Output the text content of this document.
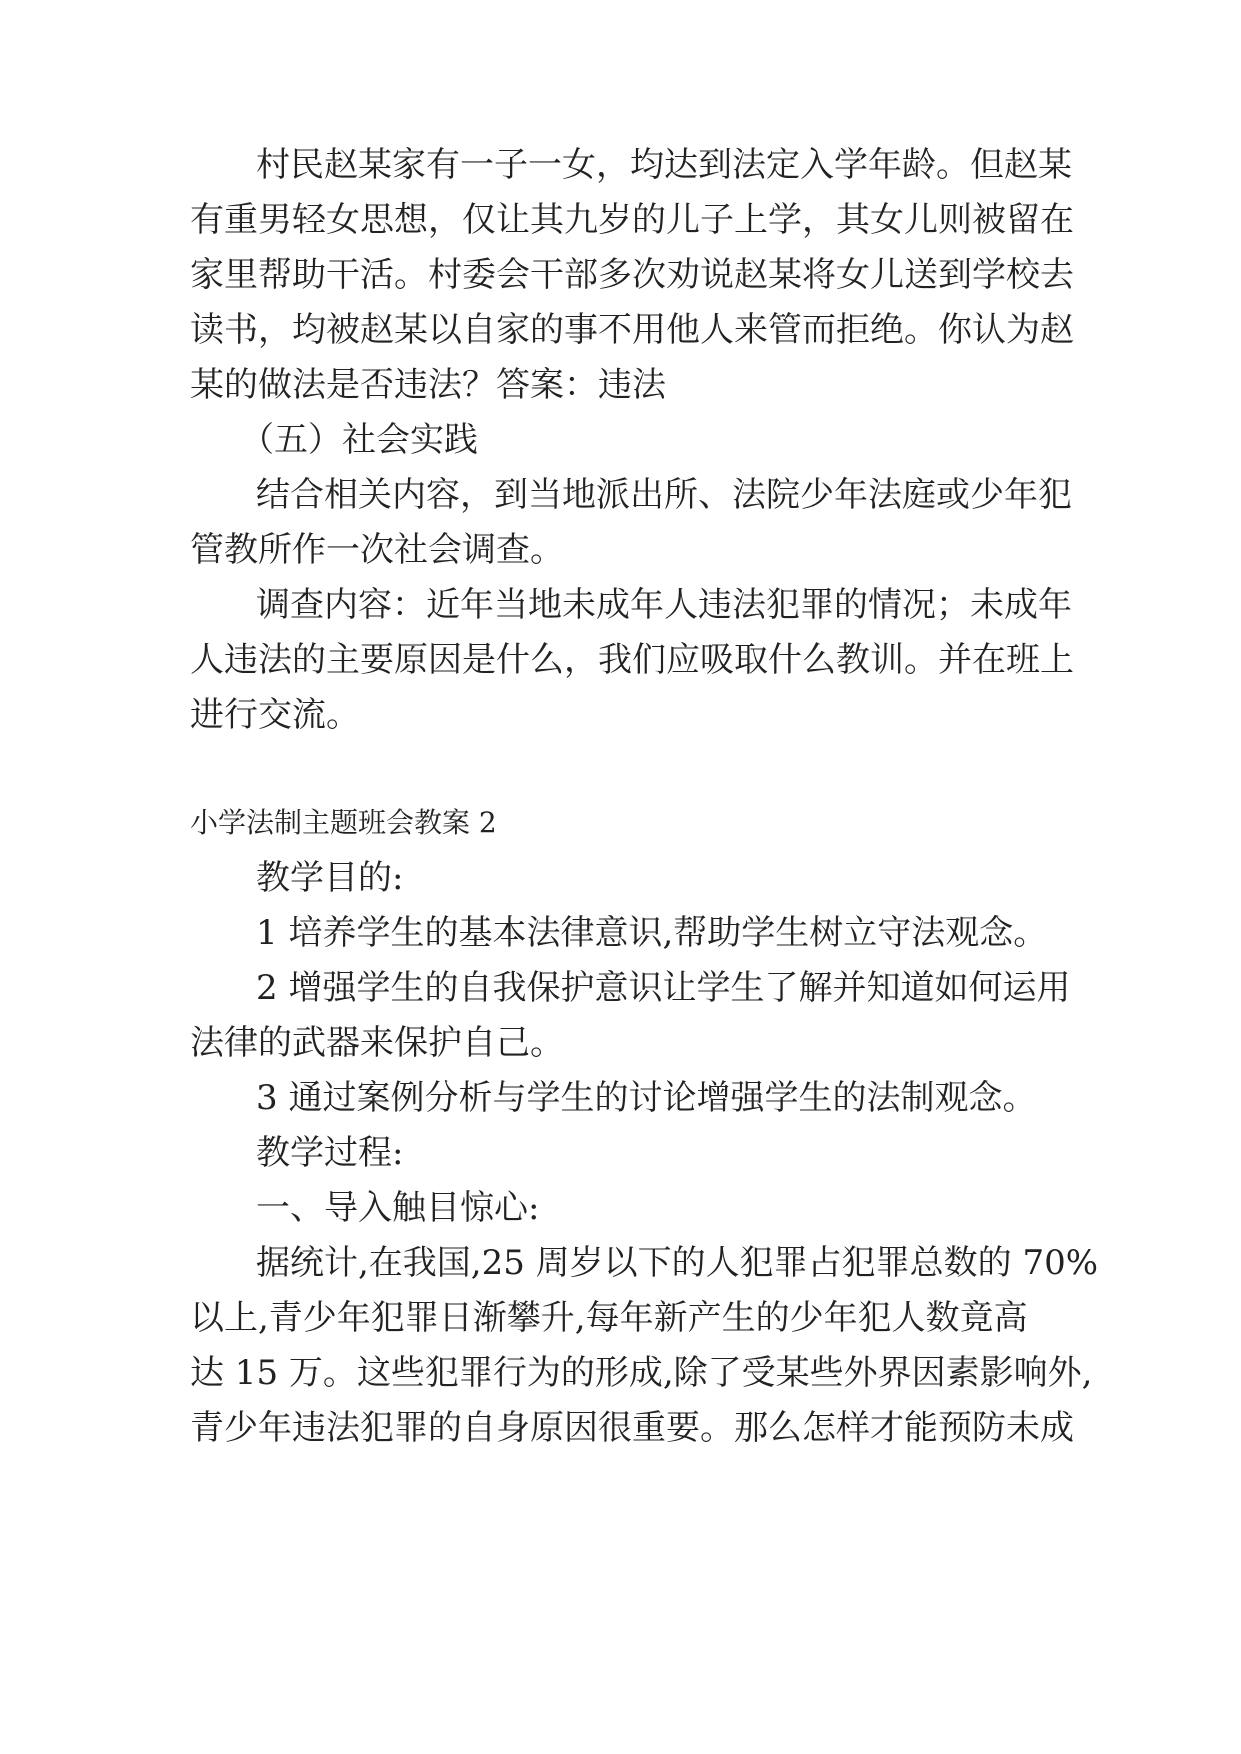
村民赵某家有一子一女，均达到法定入学年龄。但赵某
有重男轻女思想，仅让其九岁的儿子上学，其女儿则被留在
家里帮助干活。村委会干部多次劝说赵某将女儿送到学校去
读书，均被赵某以自家的事不用他人来管而拒绝。你认为赵
某的做法是否违法？答案：违法
（五）社会实践
结合相关内容，到当地派出所、法院少年法庭或少年犯
管教所作一次社会调查。
调查内容：近年当地未成年人违法犯罪的情况；未成年
人违法的主要原因是什么，我们应吸取什么教训。并在班上
进行交流。
小学法制主题班会教案 2
教学目的:
1 培养学生的基本法律意识,帮助学生树立守法观念。
2 增强学生的自我保护意识让学生了解并知道如何运用
法律的武器来保护自己。
3 通过案例分析与学生的讨论增强学生的法制观念。
教学过程:
一、导入触目惊心:
据统计,在我国,25 周岁以下的人犯罪占犯罪总数的 70%
以上,青少年犯罪日渐攀升,每年新产生的少年犯人数竟高
达 15 万。这些犯罪行为的形成,除了受某些外界因素影响外,
青少年违法犯罪的自身原因很重要。那么怎样才能预防未成
